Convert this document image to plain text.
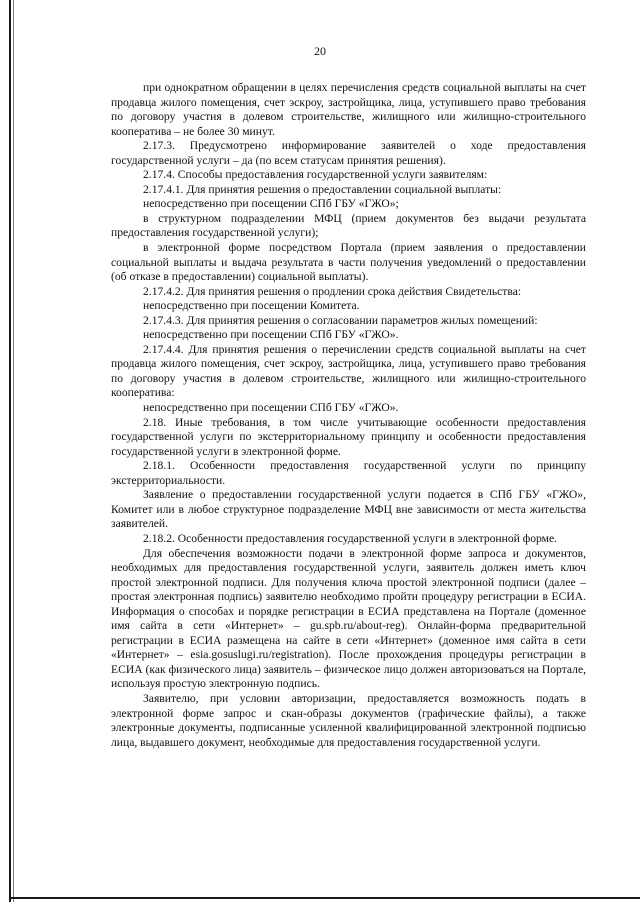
20

при однократном обращении в целях перечисления средств социальной выплаты на счет продавца жилого помещения, счет эскроу, застройщика, лица, уступившего право требования по договору участия в долевом строительстве, жилищного или жилищно-строительного кооператива – не более 30 минут.

2.17.3. Предусмотрено информирование заявителей о ходе предоставления государственной услуги – да (по всем статусам принятия решения).

2.17.4. Способы предоставления государственной услуги заявителям:

2.17.4.1. Для принятия решения о предоставлении социальной выплаты:

непосредственно при посещении СПб ГБУ «ГЖО»;

в структурном подразделении МФЦ (прием документов без выдачи результата предоставления государственной услуги);

в электронной форме посредством Портала (прием заявления о предоставлении социальной выплаты и выдача результата в части получения уведомлений о предоставлении (об отказе в предоставлении) социальной выплаты).

2.17.4.2. Для принятия решения о продлении срока действия Свидетельства:

непосредственно при посещении Комитета.

2.17.4.3. Для принятия решения о согласовании параметров жилых помещений:

непосредственно при посещении СПб ГБУ «ГЖО».

2.17.4.4. Для принятия решения о перечислении средств социальной выплаты на счет продавца жилого помещения, счет эскроу, застройщика, лица, уступившего право требования по договору участия в долевом строительстве, жилищного или жилищно-строительного кооператива:

непосредственно при посещении СПб ГБУ «ГЖО».

2.18. Иные требования, в том числе учитывающие особенности предоставления государственной услуги по экстерриториальному принципу и особенности предоставления государственной услуги в электронной форме.

2.18.1. Особенности предоставления государственной услуги по принципу экстерриториальности.

Заявление о предоставлении государственной услуги подается в СПб ГБУ «ГЖО», Комитет или в любое структурное подразделение МФЦ вне зависимости от места жительства заявителей.

2.18.2. Особенности предоставления государственной услуги в электронной форме.

Для обеспечения возможности подачи в электронной форме запроса и документов, необходимых для предоставления государственной услуги, заявитель должен иметь ключ простой электронной подписи. Для получения ключа простой электронной подписи (далее – простая электронная подпись) заявителю необходимо пройти процедуру регистрации в ЕСИА. Информация о способах и порядке регистрации в ЕСИА представлена на Портале (доменное имя сайта в сети «Интернет» – gu.spb.ru/about-reg). Онлайн-форма предварительной регистрации в ЕСИА размещена на сайте в сети «Интернет» (доменное имя сайта в сети «Интернет» – esia.gosuslugi.ru/registration). После прохождения процедуры регистрации в ЕСИА (как физического лица) заявитель – физическое лицо должен авторизоваться на Портале, используя простую электронную подпись.

Заявителю, при условии авторизации, предоставляется возможность подать в электронной форме запрос и скан-образы документов (графические файлы), а также электронные документы, подписанные усиленной квалифицированной электронной подписью лица, выдавшего документ, необходимые для предоставления государственной услуги.
